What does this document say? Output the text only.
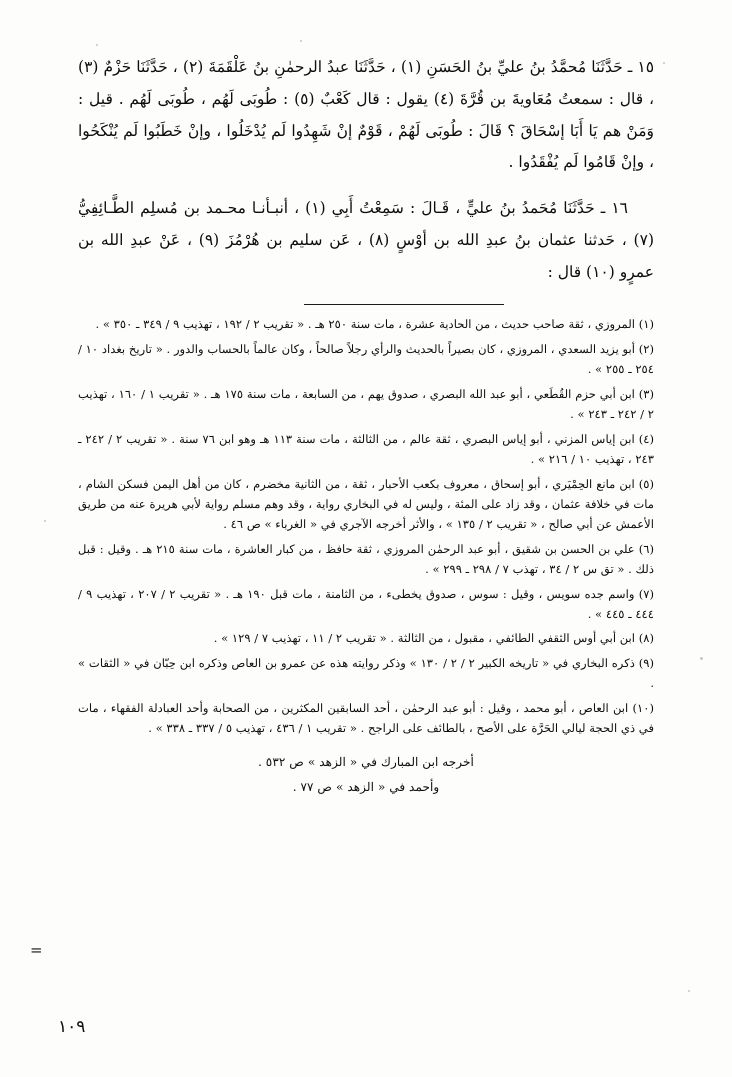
١٥ ـ حَدَّثَنَا مُحمَّدُ بنُ عليِّ بنُ الحَسَنِ (١) ، حَدَّثَنَا عبدُ الرحمٰنِ بنُ عَلْقَمَةَ (٢) ، حَدَّثَنَا حَزْمٌ (٣) ، قال : سمعتُ مُعَاويةَ بن قُرَّةَ (٤) يقول : قال كَعْبٌ (٥) : طُوبَى لَهُم ، طُوبَى لَهُم . قيل : وَمَنْ هم يَا أَبَا إسْحَاقَ ؟ قَالَ : طُوبَى لَهُمْ ، قَوْمٌ إنْ شَهِدُوا لَم يُدْخَلُوا ، وإنْ خَطَبُوا لَم يُنْكَحُوا ، وإنْ قَامُوا لَم يُفْقَدُوا .

١٦ ـ حَدَّثَنَا مُحَمدُ بنُ عليٍّ ، قَـالَ : سَمِعْتُ أَبِي (١) ، أنبـأنـا محـمد بن مُسلِم الطَّـائِفِيُّ (٧) ، حَدثنا عثمان بنُ عبدِ الله بن أوْسٍ (٨) ، عَن سليم بن هُرْمُزَ (٩) ، عَنْ عبدِ الله بن عمرٍو (١٠) قال :

(١) المروزي ، ثقة صاحب حديث ، من الحادية عشرة ، مات سنة ٢٥٠ هـ . « تقريب ٢ / ١٩٢ ، تهذيب ٩ / ٣٤٩ ـ ٣٥٠ » .

(٢) أبو يزيد السعدي ، المروزي ، كان بصيراً بالحديث والرأي رجلاً صالحاً ، وكان عالماً بالحساب والدور . « تاريخ بغداد ١٠ / ٢٥٤ ـ ٢٥٥ » .

(٣) ابن أبي حزم القُطَعي ، أبو عبد الله البصري ، صدوق يهم ، من السابعة ، مات سنة ١٧٥ هـ . « تقريب ١ / ١٦٠ ، تهذيب ٢ / ٢٤٢ ـ ٢٤٣ » .

(٤) ابن إياس المزني ، أبو إياس البصري ، ثقة عالم ، من الثالثة ، مات سنة ١١٣ هـ وهو ابن ٧٦ سنة . « تقريب ٢ / ٢٤٢ ـ ٢٤٣ ، تهذيب ١٠ / ٢١٦ » .

(٥) ابن مانع الحِمْيَري ، أبو إسحاق ، معروف بكعب الأحبار ، ثقة ، من الثانية مخضرم ، كان من أهل اليمن فسكن الشام ، مات في خلافة عثمان ، وقد زاد على المئة ، وليس له في البخاري رواية ، وقد وهم مسلم رواية لأبي هريرة عنه من طريق الأعمش عن أبي صالح ، « تقريب ٢ / ١٣٥ » ، والأثر أخرجه الآجري في « الغرباء » ص ٤٦ .

(٦) علي بن الحسن بن شقيق ، أبو عبد الرحمٰن المروزي ، ثقة حافظ ، من كبار العاشرة ، مات سنة ٢١٥ هـ . وقيل : قبل ذلك . « تق س ٢ / ٣٤ ، تهذب ٧ / ٢٩٨ ـ ٢٩٩ » .

(٧) واسم جده سويس ، وقيل : سوس ، صدوق يخطىء ، من الثامنة ، مات قبل ١٩٠ هـ . « تقريب ٢ / ٢٠٧ ، تهذيب ٩ / ٤٤٤ ـ ٤٤٥ » .

(٨) ابن أبي أوس الثقفي الطائفي ، مقبول ، من الثالثة . « تقريب ٢ / ١١ ، تهذيب ٧ / ١٢٩ » .

(٩) ذكره البخاري في « تاريخه الكبير ٢ / ٢ / ١٣٠ » وذكر روايته هذه عن عمرو بن العاص وذكره ابن حِبّان في « الثقات » .

(١٠) ابن العاص ، أبو محمد ، وقيل : أبو عبد الرحمٰن ، أحد السابقين المكثرين ، من الصحابة وأحد العبادلة الفقهاء ، مات في ذي الحجة ليالي الحَرَّة على الأصح ، بالطائف على الراجح . « تقريب ١ / ٤٣٦ ، تهذيب ٥ / ٣٣٧ ـ ٣٣٨ » .

أخرجه ابن المبارك في « الزهد » ص ٥٣٢ .
وأحمد في « الزهد » ص ٧٧ .
=
١٠٩
